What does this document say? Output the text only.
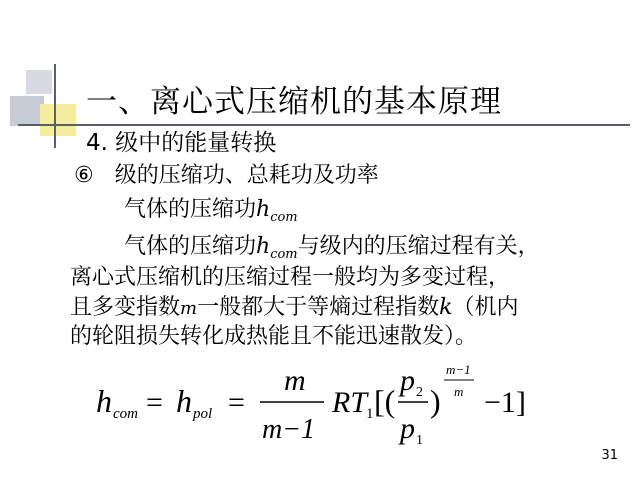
一、离心式压缩机的基本原理
4. 级中的能量转换
⑥ 级的压缩功、总耗功及功率
气体的压缩功$h_{com}$
气体的压缩功$h_{com}$与级内的压缩过程有关，
离心式压缩机的压缩过程一般均为多变过程，
且多变指数m一般都大于等熵过程指数k（机内
的轮阻损失转化成热能且不能迅速散发）。
h com = h pol =
m
m−1
RT
1 [(
p 2
p 1
)
m−1
m −1]
31
